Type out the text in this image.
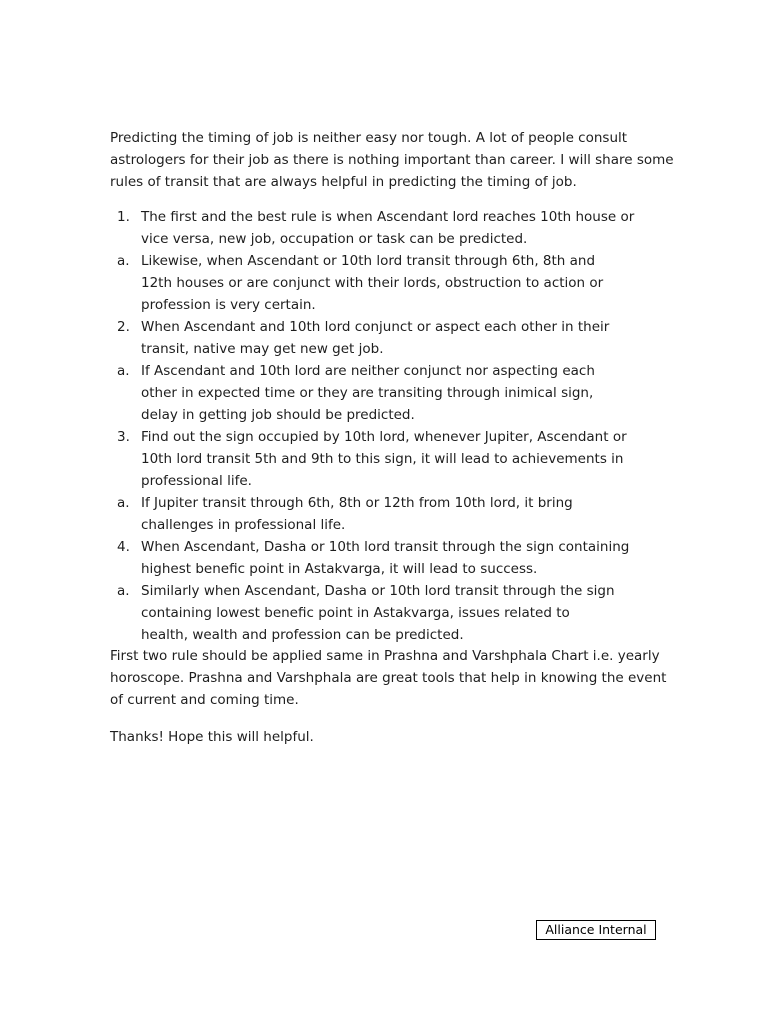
Predicting the timing of job is neither easy nor tough. A lot of people consult
astrologers for their job as there is nothing important than career. I will share some
rules of transit that are always helpful in predicting the timing of job.
1. The first and the best rule is when Ascendant lord reaches 10th house or
vice versa, new job, occupation or task can be predicted.
a. Likewise, when Ascendant or 10th lord transit through 6th, 8th and
12th houses or are conjunct with their lords, obstruction to action or
profession is very certain.
2. When Ascendant and 10th lord conjunct or aspect each other in their
transit, native may get new get job.
a. If Ascendant and 10th lord are neither conjunct nor aspecting each
other in expected time or they are transiting through inimical sign,
delay in getting job should be predicted.
3. Find out the sign occupied by 10th lord, whenever Jupiter, Ascendant or
10th lord transit 5th and 9th to this sign, it will lead to achievements in
professional life.
a. If Jupiter transit through 6th, 8th or 12th from 10th lord, it bring
challenges in professional life.
4. When Ascendant, Dasha or 10th lord transit through the sign containing
highest benefic point in Astakvarga, it will lead to success.
a. Similarly when Ascendant, Dasha or 10th lord transit through the sign
containing lowest benefic point in Astakvarga, issues related to
health, wealth and profession can be predicted.
First two rule should be applied same in Prashna and Varshphala Chart i.e. yearly
horoscope. Prashna and Varshphala are great tools that help in knowing the event
of current and coming time.
Thanks! Hope this will helpful.
Alliance Internal
